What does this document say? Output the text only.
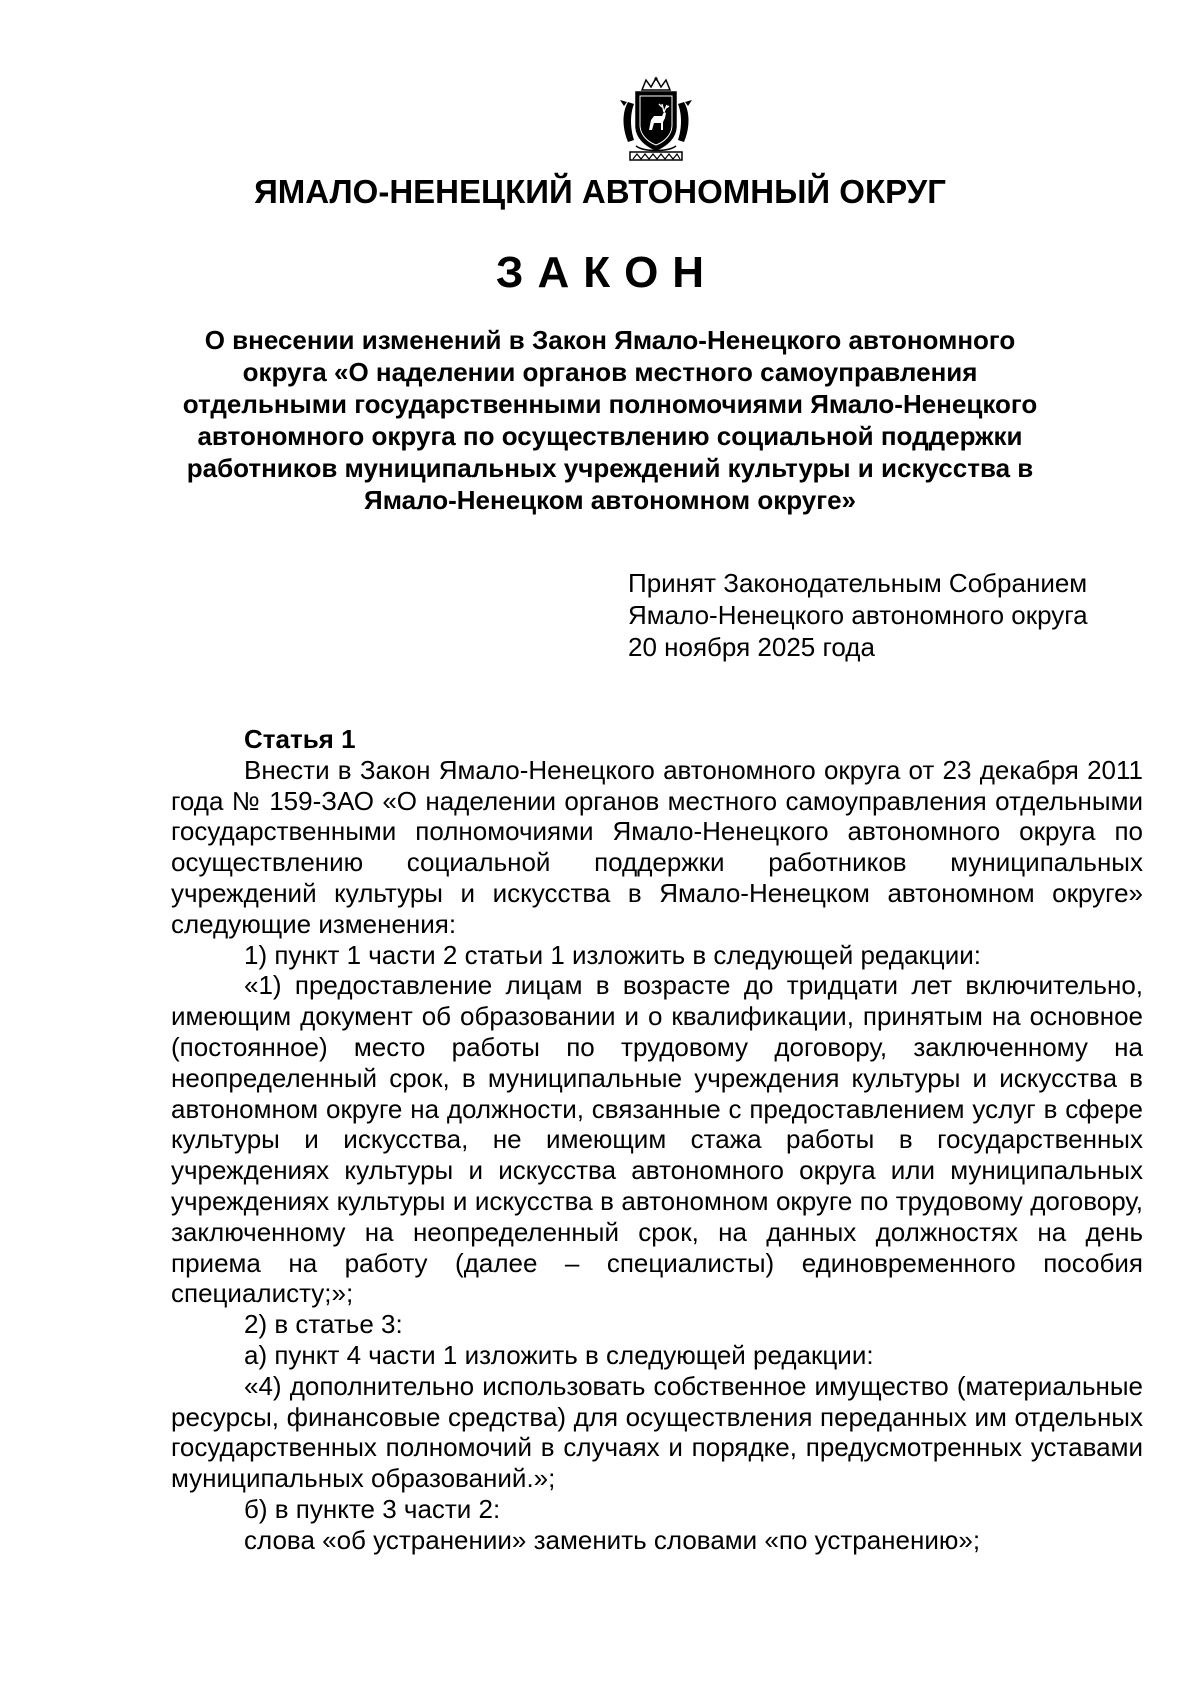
ЯМАЛО-НЕНЕЦКИЙ АВТОНОМНЫЙ ОКРУГ
ЗАКОН
О внесении изменений в Закон Ямало-Ненецкого автономного округа «О наделении органов местного самоуправления отдельными государственными полномочиями Ямало-Ненецкого автономного округа по осуществлению социальной поддержки работников муниципальных учреждений культуры и искусства в Ямало-Ненецком автономном округе»
Принят Законодательным Собранием
Ямало-Ненецкого автономного округа
20 ноября 2025 года

Статья 1

Внести в Закон Ямало-Ненецкого автономного округа от 23 декабря 2011 года № 159-ЗАО «О наделении органов местного самоуправления отдельными государственными полномочиями Ямало-Ненецкого автономного округа по осуществлению социальной поддержки работников муниципальных учреждений культуры и искусства в Ямало-Ненецком автономном округе» следующие изменения:

1) пункт 1 части 2 статьи 1 изложить в следующей редакции:

«1) предоставление лицам в возрасте до тридцати лет включительно, имеющим документ об образовании и о квалификации, принятым на основное (постоянное) место работы по трудовому договору, заключенному на неопределенный срок, в муниципальные учреждения культуры и искусства в автономном округе на должности, связанные с предоставлением услуг в сфере культуры и искусства, не имеющим стажа работы в государственных учреждениях культуры и искусства автономного округа или муниципальных учреждениях культуры и искусства в автономном округе по трудовому договору, заключенному на неопределенный срок, на данных должностях на день приема на работу (далее – специалисты) единовременного пособия специалисту;»;

2) в статье 3:

а) пункт 4 части 1 изложить в следующей редакции:

«4) дополнительно использовать собственное имущество (материальные ресурсы, финансовые средства) для осуществления переданных им отдельных государственных полномочий в случаях и порядке, предусмотренных уставами муниципальных образований.»;

б) в пункте 3 части 2:

слова «об устранении» заменить словами «по устранению»;
